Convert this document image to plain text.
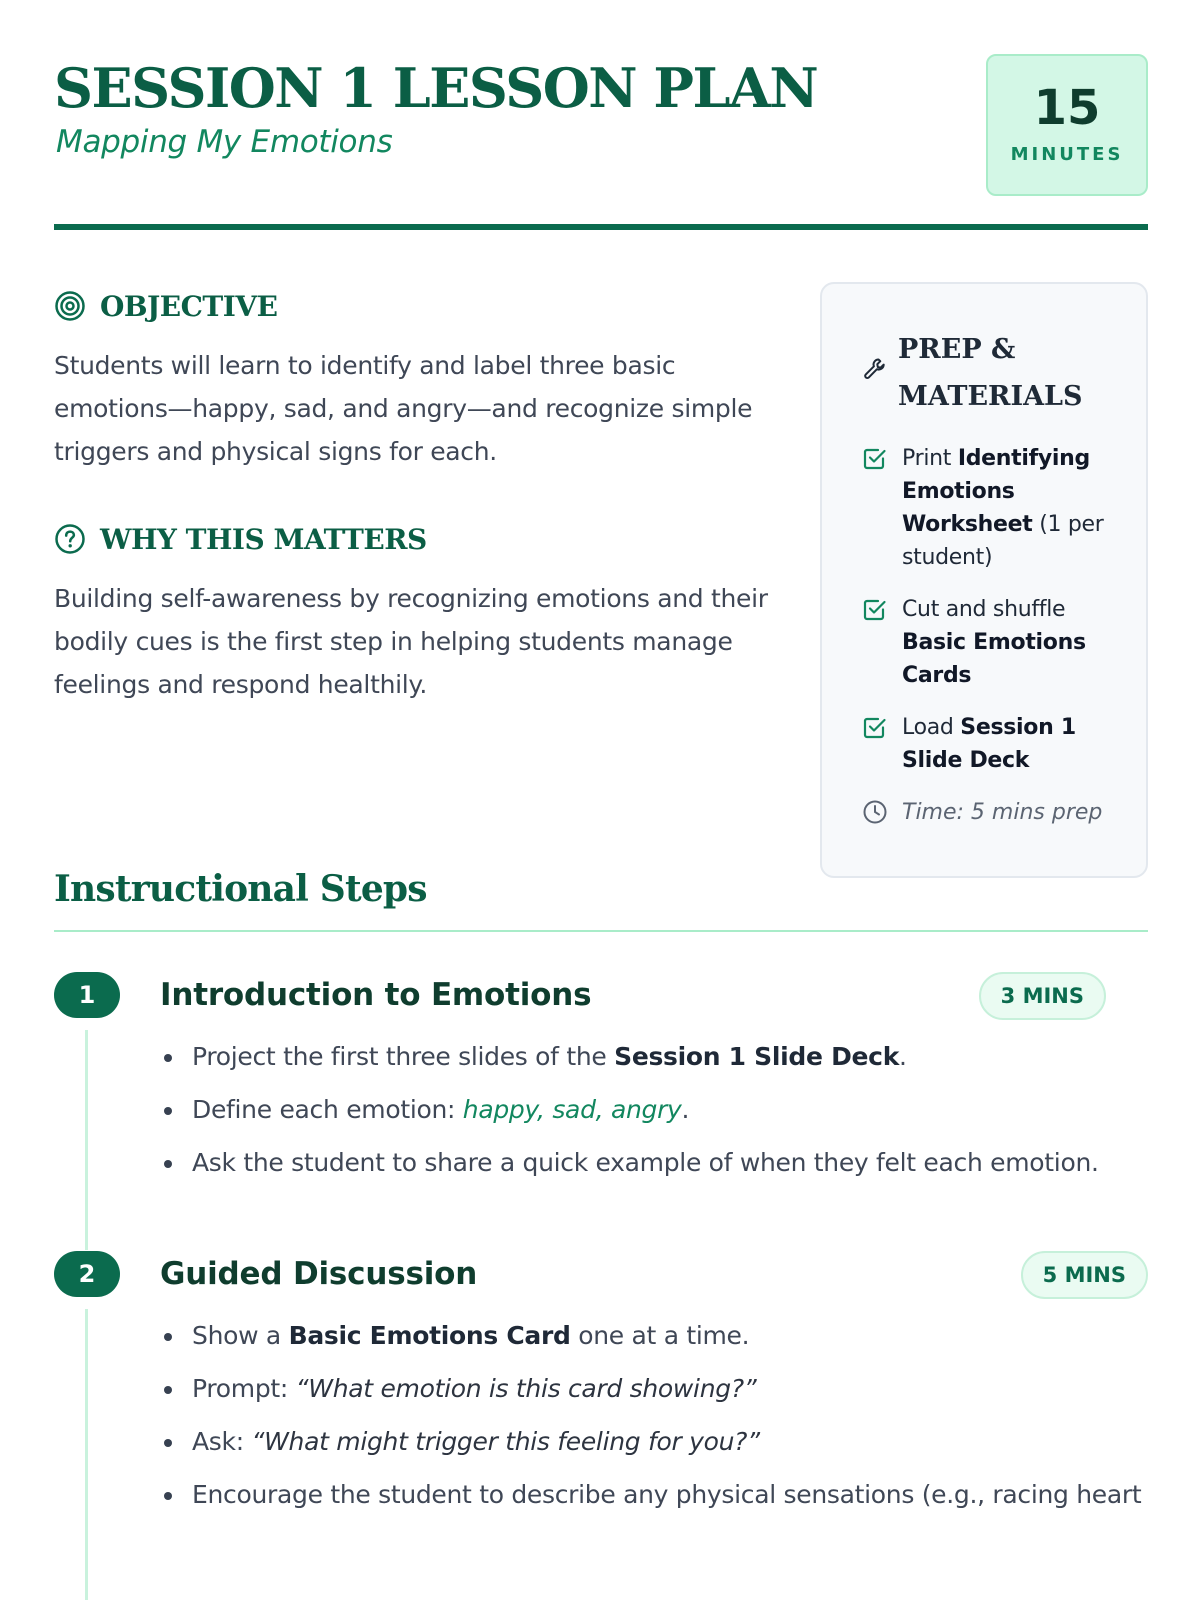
SESSION 1 LESSON PLAN
Mapping My Emotions
15
MINUTES
OBJECTIVE

Students will learn to identify and label three basic emotions—happy, sad, and angry—and recognize simple triggers and physical signs for each.

WHY THIS MATTERS

Building self-awareness by recognizing emotions and their bodily cues is the first step in helping students manage feelings and respond healthily.

PREP &
MATERIALS
Print Identifying Emotions Worksheet (1 per student)
Cut and shuffle Basic Emotions Cards
Load Session 1 Slide Deck
Time: 5 mins prep
Instructional Steps
1	Introduction to Emotions	3 MINS
Project the first three slides of the Session 1 Slide Deck.
Define each emotion: happy, sad, angry.
Ask the student to share a quick example of when they felt each emotion.
2	Guided Discussion	5 MINS
Show a Basic Emotions Card one at a time.
Prompt: “What emotion is this card showing?”
Ask: “What might trigger this feeling for you?”
Encourage the student to describe any physical sensations (e.g., racing heart
